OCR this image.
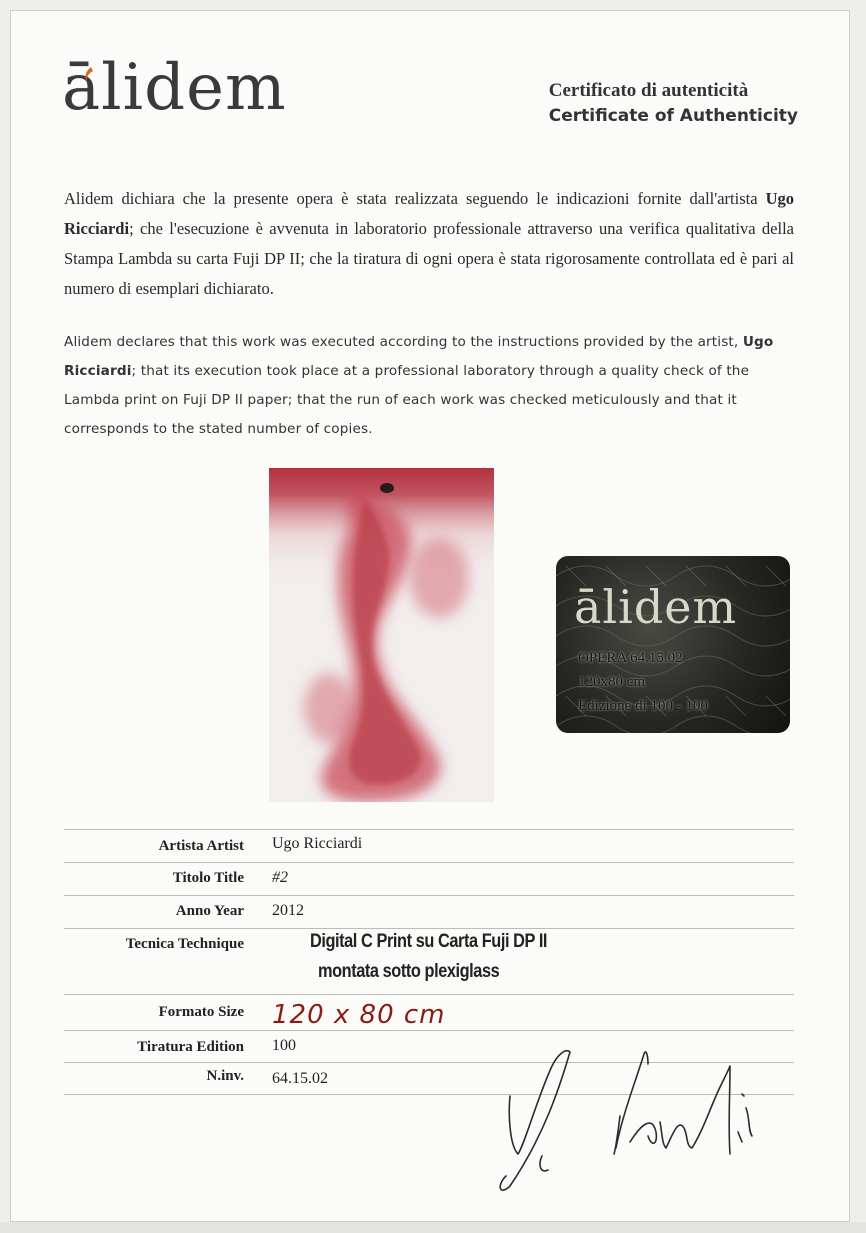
ālidem	Certificato di autenticità
Certificate of Authenticity
Alidem dichiara che la presente opera è stata realizzata seguendo le indicazioni fornite dall'artista Ugo Ricciardi; che l'esecuzione è avvenuta in laboratorio professionale attraverso una verifica qualitativa della Stampa Lambda su carta Fuji DP II; che la tiratura di ogni opera è stata rigorosamente controllata ed è pari al numero di esemplari dichiarato.
Alidem declares that this work was executed according to the instructions provided by the artist, Ugo Ricciardi; that its execution took place at a professional laboratory through a quality check of the Lambda print on Fuji DP II paper; that the run of each work was checked meticulously and that it corresponds to the stated number of copies.
ālidem
OPERA 64.15.02
120x80 cm
Edizione di 100 - 100
Artista Artist Ugo Ricciardi
Titolo Title #2
Anno Year 2012
Tecnica Technique	Digital C Print su Carta Fuji DP II
montata sotto plexiglass
Formato Size 120 x 80 cm
Tiratura Edition 100
N.inv. 64.15.02
